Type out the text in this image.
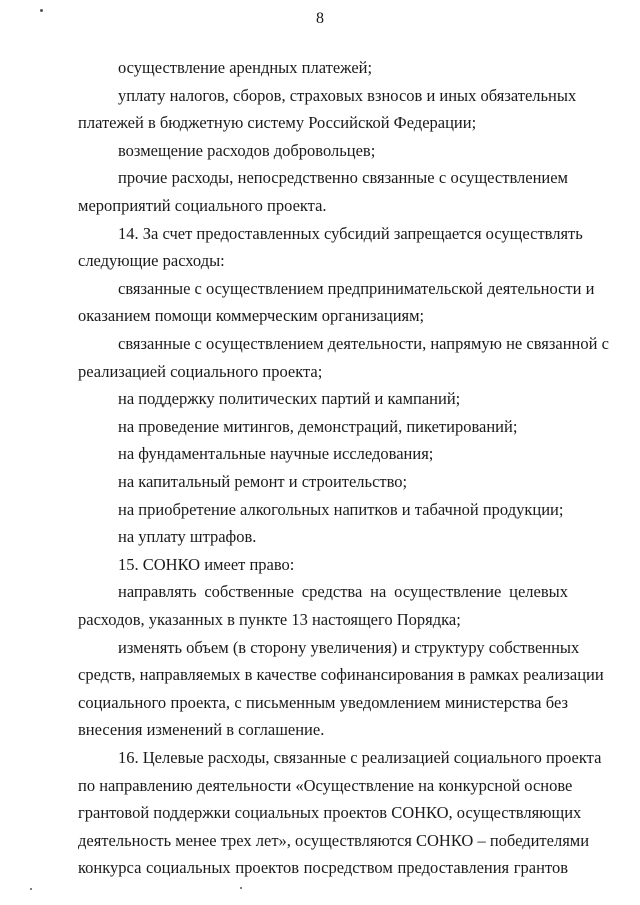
8
осуществление арендных платежей;
уплату налогов, сборов, страховых взносов и иных обязательных
платежей в бюджетную систему Российской Федерации;
возмещение расходов добровольцев;
прочие расходы, непосредственно связанные с осуществлением
мероприятий социального проекта.
14. За счет предоставленных субсидий запрещается осуществлять
следующие расходы:
связанные с осуществлением предпринимательской деятельности и
оказанием помощи коммерческим организациям;
связанные с осуществлением деятельности, напрямую не связанной с
реализацией социального проекта;
на поддержку политических партий и кампаний;
на проведение митингов, демонстраций, пикетирований;
на фундаментальные научные исследования;
на капитальный ремонт и строительство;
на приобретение алкогольных напитков и табачной продукции;
на уплату штрафов.
15. СОНКО имеет право:
направлять собственные средства на осуществление целевых
расходов, указанных в пункте 13 настоящего Порядка;
изменять объем (в сторону увеличения) и структуру собственных
средств, направляемых в качестве софинансирования в рамках реализации
социального проекта, с письменным уведомлением министерства без
внесения изменений в соглашение.
16. Целевые расходы, связанные с реализацией социального проекта
по направлению деятельности «Осуществление на конкурсной основе
грантовой поддержки социальных проектов СОНКО, осуществляющих
деятельность менее трех лет», осуществляются СОНКО – победителями
конкурса социальных проектов посредством предоставления грантов
